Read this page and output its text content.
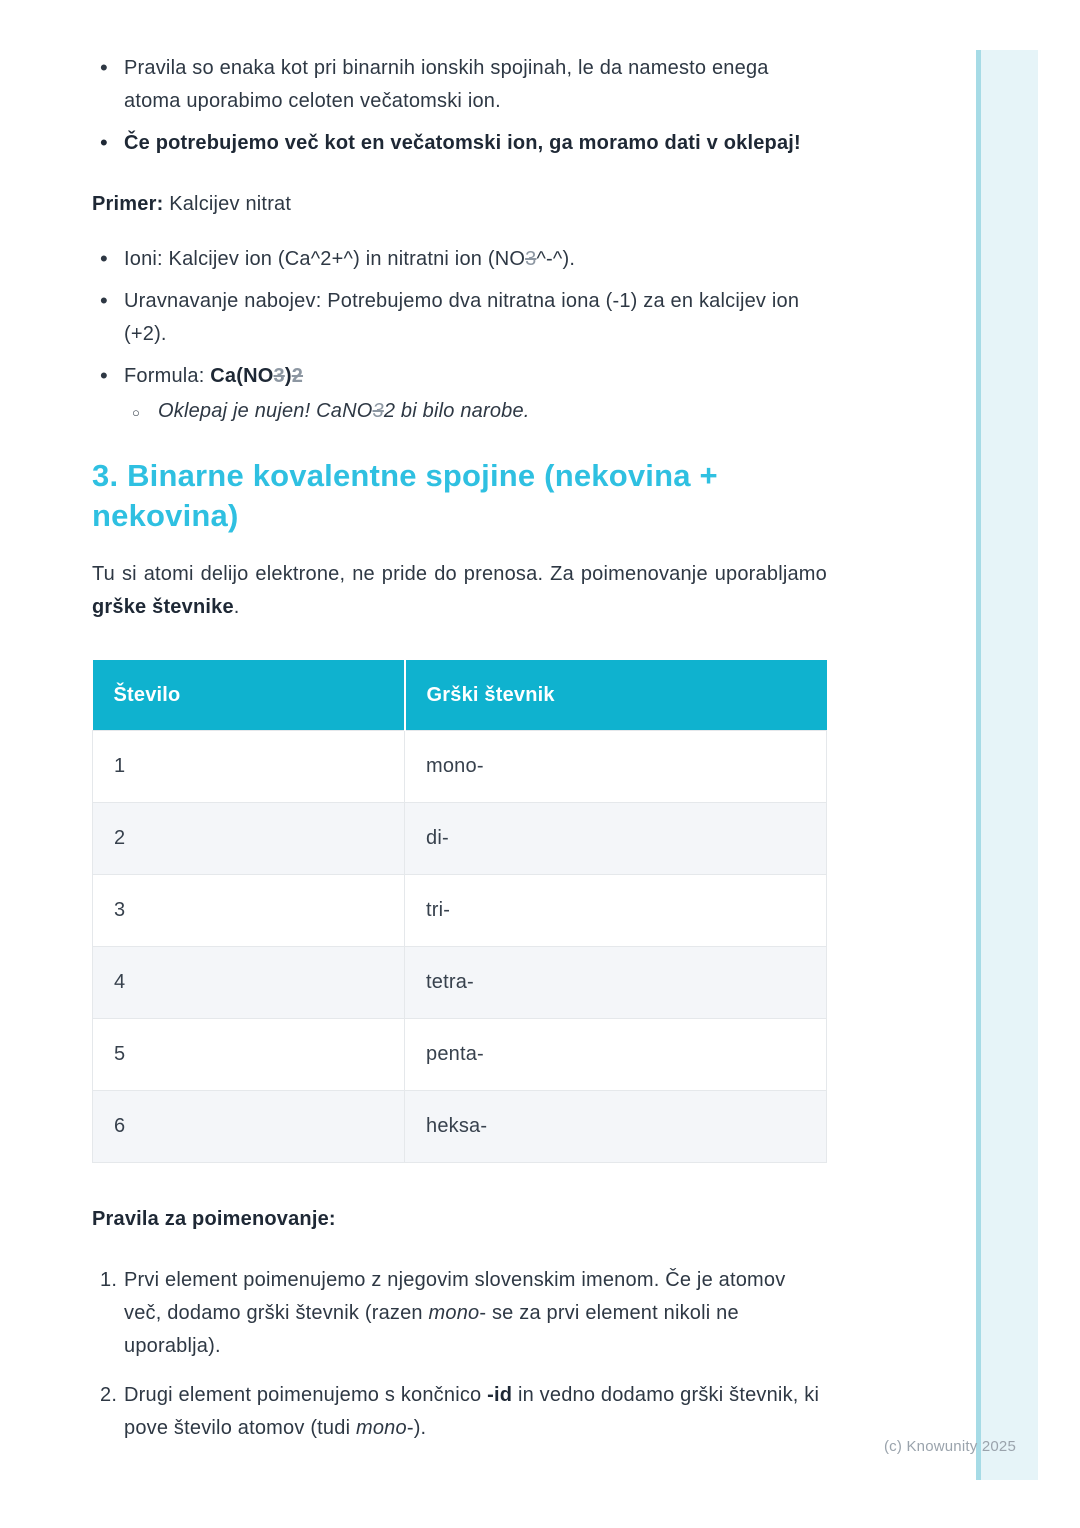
• Pravila so enaka kot pri binarnih ionskih spojinah, le da namesto enega atoma uporabimo celoten večatomski ion.
• Če potrebujemo več kot en večatomski ion, ga moramo dati v oklepaj!

Primer: Kalcijev nitrat

• Ioni: Kalcijev ion (Ca^2+^) in nitratni ion (NO3^-^).
• Uravnavanje nabojev: Potrebujemo dva nitratna iona (-1) za en kalcijev ion (+2).
• Formula: Ca(NO3)2
○ Oklepaj je nujen! CaNO32 bi bilo narobe.
3. Binarne kovalentne spojine (nekovina + nekovina)

Tu si atomi delijo elektrone, ne pride do prenosa. Za poimenovanje uporabljamo grške števnike.

Število	Grški števnik
1	mono-
2	di-
3	tri-
4	tetra-
5	penta-
6	heksa-

Pravila za poimenovanje:

Prvi element poimenujemo z njegovim slovenskim imenom. Če je atomov več, dodamo grški števnik (razen mono- se za prvi element nikoli ne uporablja).
Drugi element poimenujemo s končnico -id in vedno dodamo grški števnik, ki pove število atomov (tudi mono-).
(c) Knowunity 2025
